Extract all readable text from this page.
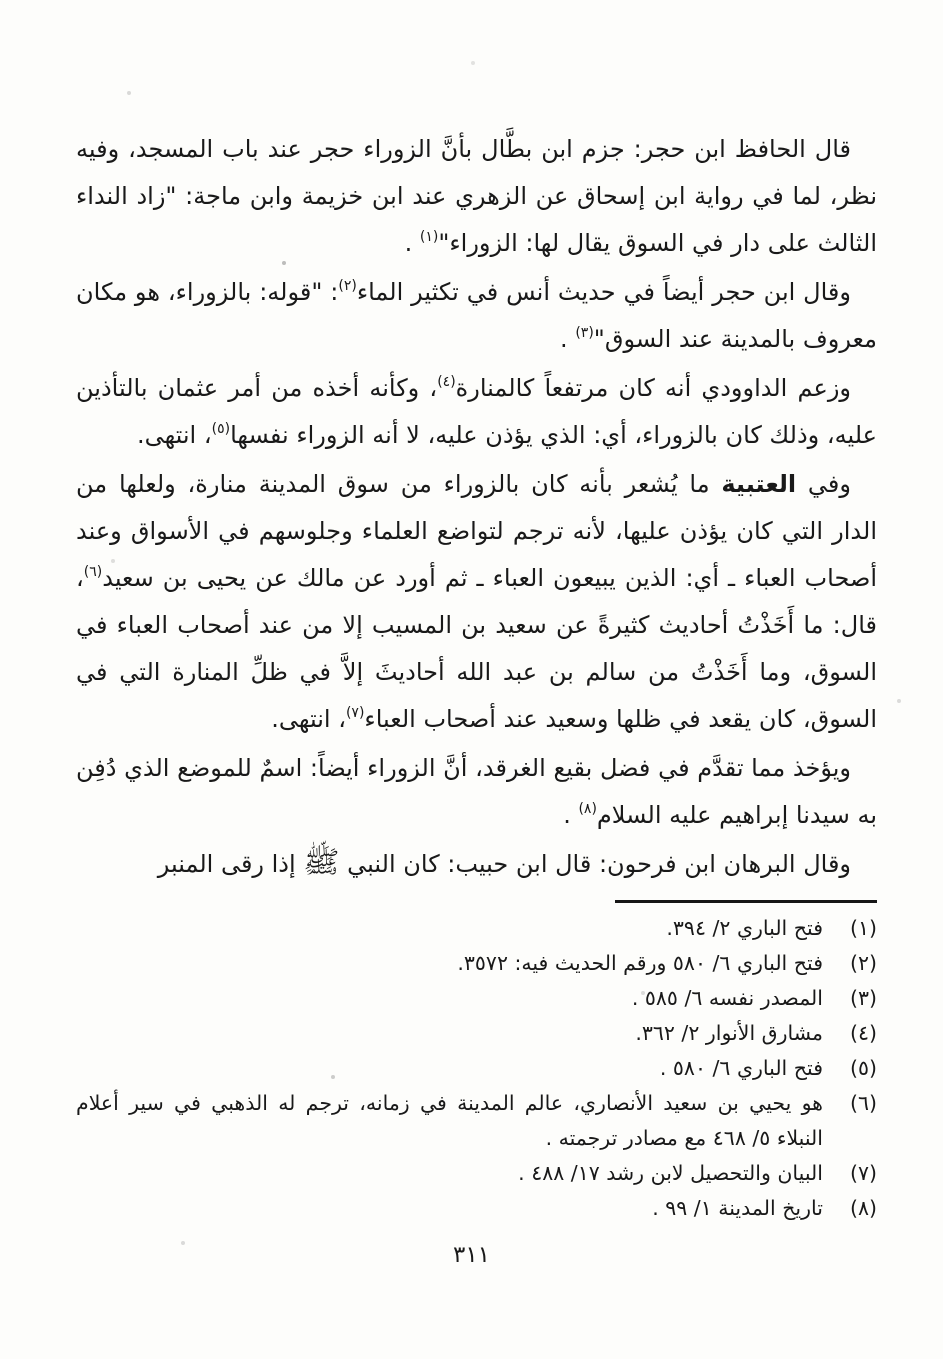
قال الحافظ ابن حجر: جزم ابن بطَّال بأنَّ الزوراء حجر عند باب المسجد، وفيه نظر، لما في رواية ابن إسحاق عن الزهري عند ابن خزيمة وابن ماجة: "زاد النداء الثالث على دار في السوق يقال لها: الزوراء"$^{(١)}$ .

وقال ابن حجر أيضاً في حديث أنس في تكثير الماء$^{(٢)}$: "قوله: بالزوراء، هو مكان معروف بالمدينة عند السوق"$^{(٣)}$ .

وزعم الداوودي أنه كان مرتفعاً كالمنارة$^{(٤)}$، وكأنه أخذه من أمر عثمان بالتأذين عليه، وذلك كان بالزوراء، أي: الذي يؤذن عليه، لا أنه الزوراء نفسها$^{(٥)}$، انتهى.

وفي العتبية ما يُشعر بأنه كان بالزوراء من سوق المدينة منارة، ولعلها من الدار التي كان يؤذن عليها، لأنه ترجم لتواضع العلماء وجلوسهم في الأسواق وعند أصحاب العباء ـ أي: الذين يبيعون العباء ـ ثم أورد عن مالك عن يحيى بن سعيد$^{(٦)}$، قال: ما أَخَذْتُ أحاديث كثيرةً عن سعيد بن المسيب إلا من عند أصحاب العباء في السوق، وما أَخَذْتُ من سالم بن عبد الله أحاديثَ إلاَّ في ظلِّ المنارة التي في السوق، كان يقعد في ظلها وسعيد عند أصحاب العباء$^{(٧)}$، انتهى.

ويؤخذ مما تقدَّم في فضل بقيع الغرقد، أنَّ الزوراء أيضاً: اسمٌ للموضع الذي دُفِن به سيدنا إبراهيم عليه السلام$^{(٨)}$ .

وقال البرهان ابن فرحون: قال ابن حبيب: كان النبي ﷺ إذا رقى المنبر

(١)
فتح الباري ٢/ ٣٩٤.
(٢)
فتح الباري ٦/ ٥٨٠ ورقم الحديث فيه: ٣٥٧٢.
(٣)
المصدر نفسه ٦/ ٥٨٥ .
(٤)
مشارق الأنوار ٢/ ٣٦٢.
(٥)
فتح الباري ٦/ ٥٨٠ .
(٦)
هو يحيي بن سعيد الأنصاري، عالم المدينة في زمانه، ترجم له الذهبي في سير أعلام النبلاء ٥/ ٤٦٨ مع مصادر ترجمته .
(٧)
البيان والتحصيل لابن رشد ١٧/ ٤٨٨ .
(٨)
تاريخ المدينة ١/ ٩٩ .
٣١١
